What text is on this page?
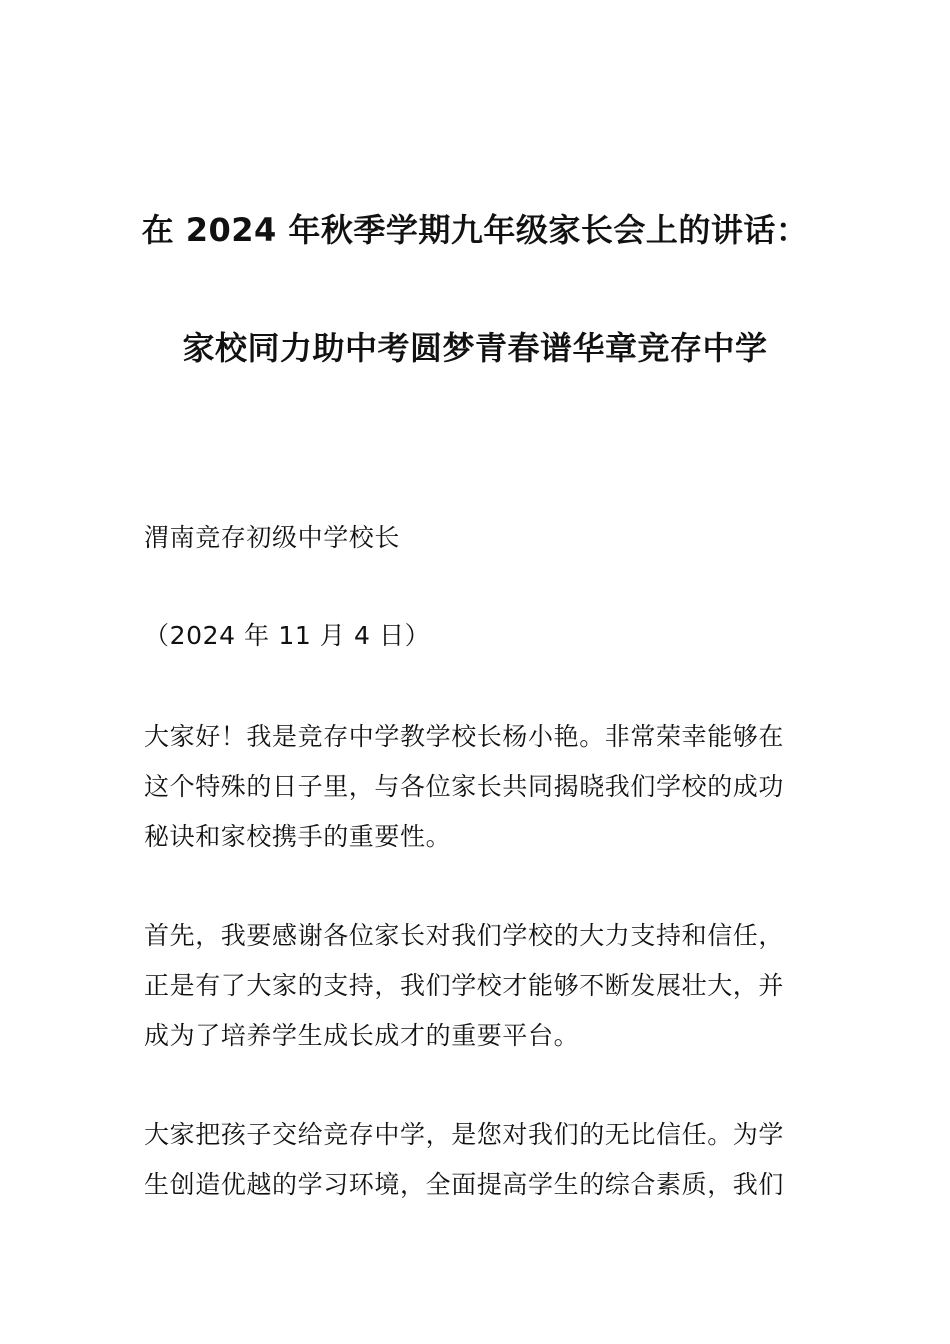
在 2024 年秋季学期九年级家长会上的讲话：
家校同力助中考圆梦青春谱华章竞存中学
渭南竞存初级中学校长
（2024 年 11 月 4 日）
大家好！我是竞存中学教学校长杨小艳。非常荣幸能够在
这个特殊的日子里，与各位家长共同揭晓我们学校的成功
秘诀和家校携手的重要性。
首先，我要感谢各位家长对我们学校的大力支持和信任，
正是有了大家的支持，我们学校才能够不断发展壮大，并
成为了培养学生成长成才的重要平台。
大家把孩子交给竞存中学，是您对我们的无比信任。为学
生创造优越的学习环境，全面提高学生的综合素质，我们
